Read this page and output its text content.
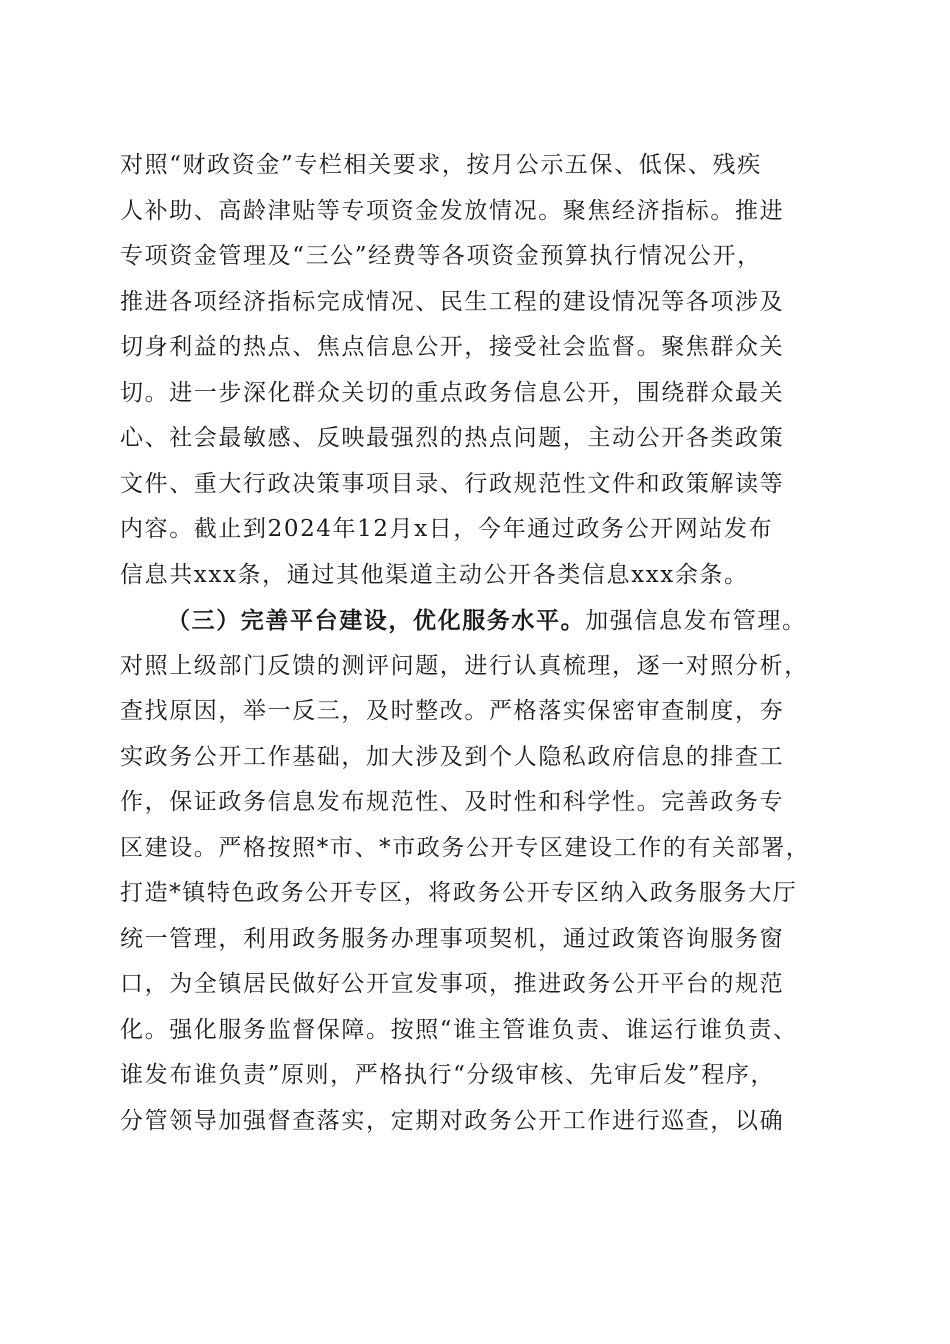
对照“财政资金”专栏相关要求，按月公示五保、低保、残疾
人补助、高龄津贴等专项资金发放情况。聚焦经济指标。推进
专项资金管理及“三公”经费等各项资金预算执行情况公开，
推进各项经济指标完成情况、民生工程的建设情况等各项涉及
切身利益的热点、焦点信息公开，接受社会监督。聚焦群众关
切。进一步深化群众关切的重点政务信息公开，围绕群众最关
心、社会最敏感、反映最强烈的热点问题，主动公开各类政策
文件、重大行政决策事项目录、行政规范性文件和政策解读等
内容。截止到2024年12月x日，今年通过政务公开网站发布
信息共xxx条，通过其他渠道主动公开各类信息xxx余条。
（三）完善平台建设，优化服务水平。加强信息发布管理。
对照上级部门反馈的测评问题，进行认真梳理，逐一对照分析，
查找原因，举一反三，及时整改。严格落实保密审查制度，夯
实政务公开工作基础，加大涉及到个人隐私政府信息的排查工
作，保证政务信息发布规范性、及时性和科学性。完善政务专
区建设。严格按照*市、*市政务公开专区建设工作的有关部署，
打造*镇特色政务公开专区，将政务公开专区纳入政务服务大厅
统一管理，利用政务服务办理事项契机，通过政策咨询服务窗
口，为全镇居民做好公开宣发事项，推进政务公开平台的规范
化。强化服务监督保障。按照“谁主管谁负责、谁运行谁负责、
谁发布谁负责”原则，严格执行“分级审核、先审后发”程序，
分管领导加强督查落实，定期对政务公开工作进行巡查，以确
